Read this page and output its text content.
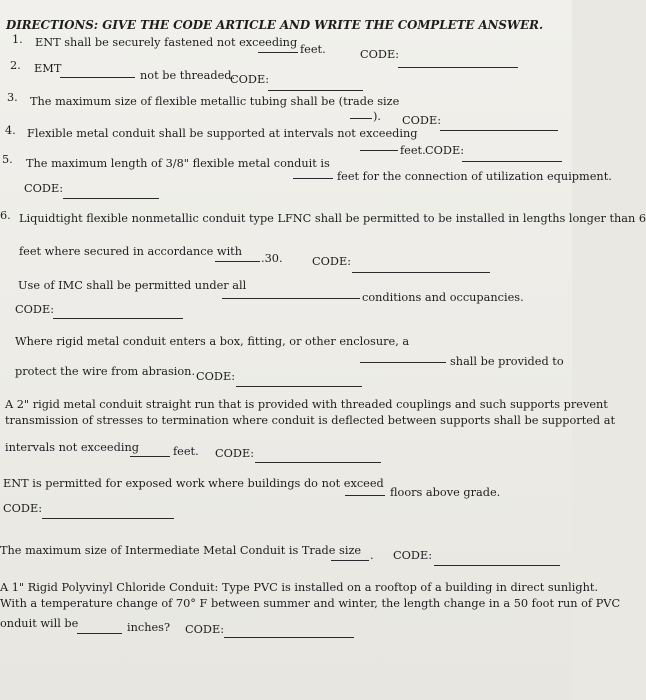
DIRECTIONS: GIVE THE CODE ARTICLE AND WRITE THE COMPLETE ANSWER.
1. ENT shall be securely fastened not exceeding
feet.	CODE:
2. EMT
not be threaded.
CODE:
3. The maximum size of flexible metallic tubing shall be (trade size
). CODE:
4. Flexible metal conduit shall be supported at intervals not exceeding
feet. CODE:
5. The maximum length of 3/8" flexible metal conduit is
feet for the connection of utilization equipment.
CODE:
6. Liquidtight flexible nonmetallic conduit type LFNC shall be permitted to be installed in lengths longer than 6
feet where secured in accordance with
.30.	CODE:
Use of IMC shall be permitted under all
conditions and occupancies.
CODE:
Where rigid metal conduit enters a box, fitting, or other enclosure, a
shall be provided to
protect the wire from abrasion. CODE:
A 2" rigid metal conduit straight run that is provided with threaded couplings and such supports prevent
transmission of stresses to termination where conduit is deflected between supports shall be supported at
intervals not exceeding	feet. CODE:
ENT is permitted for exposed work where buildings do not exceed
floors above grade.
CODE:
The maximum size of Intermediate Metal Conduit is Trade size . CODE:
A 1" Rigid Polyvinyl Chloride Conduit: Type PVC is installed on a rooftop of a building in direct sunlight.
With a temperature change of 70° F between summer and winter, the length change in a 50 foot run of PVC
onduit will be	inches? CODE:
